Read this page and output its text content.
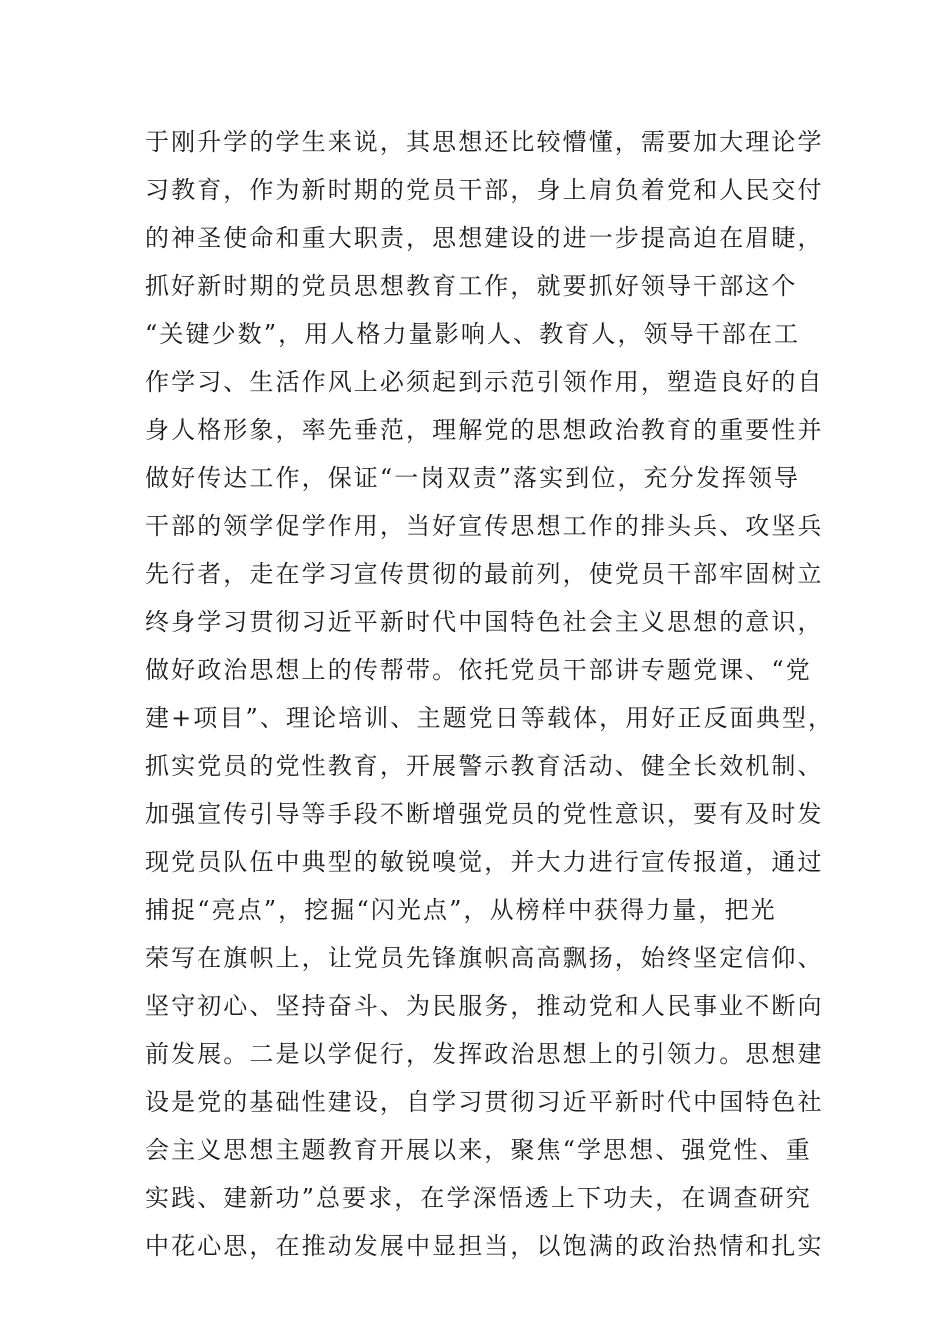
于刚升学的学生来说，其思想还比较懵懂，需要加大理论学
习教育，作为新时期的党员干部，身上肩负着党和人民交付
的神圣使命和重大职责，思想建设的进一步提高迫在眉睫，
抓好新时期的党员思想教育工作，就要抓好领导干部这个
“关键少数”，用人格力量影响人、教育人，领导干部在工
作学习、生活作风上必须起到示范引领作用，塑造良好的自
身人格形象，率先垂范，理解党的思想政治教育的重要性并
做好传达工作，保证“一岗双责”落实到位，充分发挥领导
干部的领学促学作用，当好宣传思想工作的排头兵、攻坚兵
先行者，走在学习宣传贯彻的最前列，使党员干部牢固树立
终身学习贯彻习近平新时代中国特色社会主义思想的意识，
做好政治思想上的传帮带。依托党员干部讲专题党课、“党
建+项目”、理论培训、主题党日等载体，用好正反面典型，
抓实党员的党性教育，开展警示教育活动、健全长效机制、
加强宣传引导等手段不断增强党员的党性意识，要有及时发
现党员队伍中典型的敏锐嗅觉，并大力进行宣传报道，通过
捕捉“亮点”，挖掘“闪光点”，从榜样中获得力量，把光
荣写在旗帜上，让党员先锋旗帜高高飘扬，始终坚定信仰、
坚守初心、坚持奋斗、为民服务，推动党和人民事业不断向
前发展。二是以学促行，发挥政治思想上的引领力。思想建
设是党的基础性建设，自学习贯彻习近平新时代中国特色社
会主义思想主题教育开展以来，聚焦“学思想、强党性、重
实践、建新功”总要求，在学深悟透上下功夫，在调查研究
中花心思，在推动发展中显担当，以饱满的政治热情和扎实
